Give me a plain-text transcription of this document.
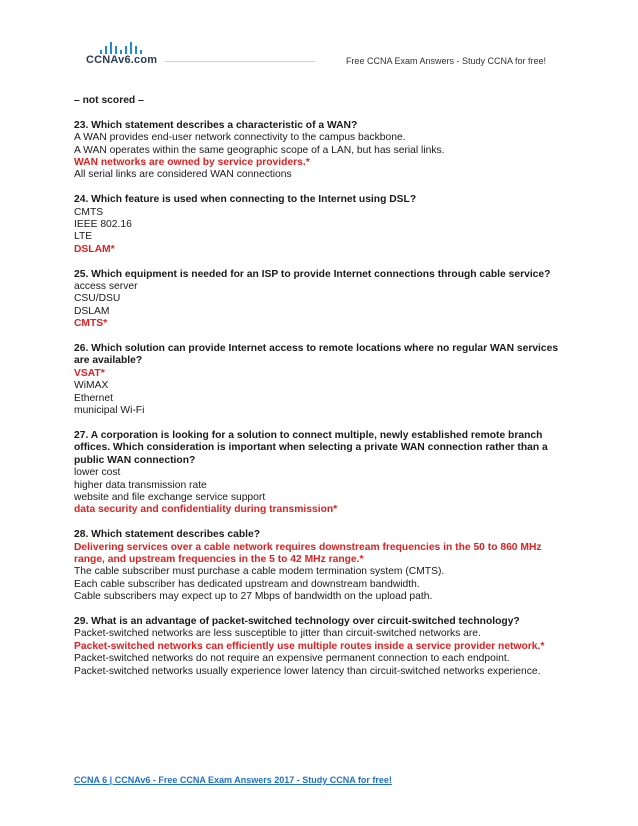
CCNAv6.com	Free CCNA Exam Answers - Study CCNA for free!

– not scored –

23. Which statement describes a characteristic of a WAN?

A WAN provides end-user network connectivity to the campus backbone.

A WAN operates within the same geographic scope of a LAN, but has serial links.

WAN networks are owned by service providers.*

All serial links are considered WAN connections

24. Which feature is used when connecting to the Internet using DSL?

CMTS

IEEE 802.16

LTE

DSLAM*

25. Which equipment is needed for an ISP to provide Internet connections through cable service?

access server

CSU/DSU

DSLAM

CMTS*

26. Which solution can provide Internet access to remote locations where no regular WAN services are available?

VSAT*

WiMAX

Ethernet

municipal Wi-Fi

27. A corporation is looking for a solution to connect multiple, newly established remote branch offices. Which consideration is important when selecting a private WAN connection rather than a public WAN connection?

lower cost

higher data transmission rate

website and file exchange service support

data security and confidentiality during transmission*

28. Which statement describes cable?

Delivering services over a cable network requires downstream frequencies in the 50 to 860 MHz range, and upstream frequencies in the 5 to 42 MHz range.*

The cable subscriber must purchase a cable modem termination system (CMTS).

Each cable subscriber has dedicated upstream and downstream bandwidth.

Cable subscribers may expect up to 27 Mbps of bandwidth on the upload path.

29. What is an advantage of packet-switched technology over circuit-switched technology?

Packet-switched networks are less susceptible to jitter than circuit-switched networks are.

Packet-switched networks can efficiently use multiple routes inside a service provider network.*

Packet-switched networks do not require an expensive permanent connection to each endpoint.

Packet-switched networks usually experience lower latency than circuit-switched networks experience.

CCNA 6 | CCNAv6 - Free CCNA Exam Answers 2017 - Study CCNA for free!
